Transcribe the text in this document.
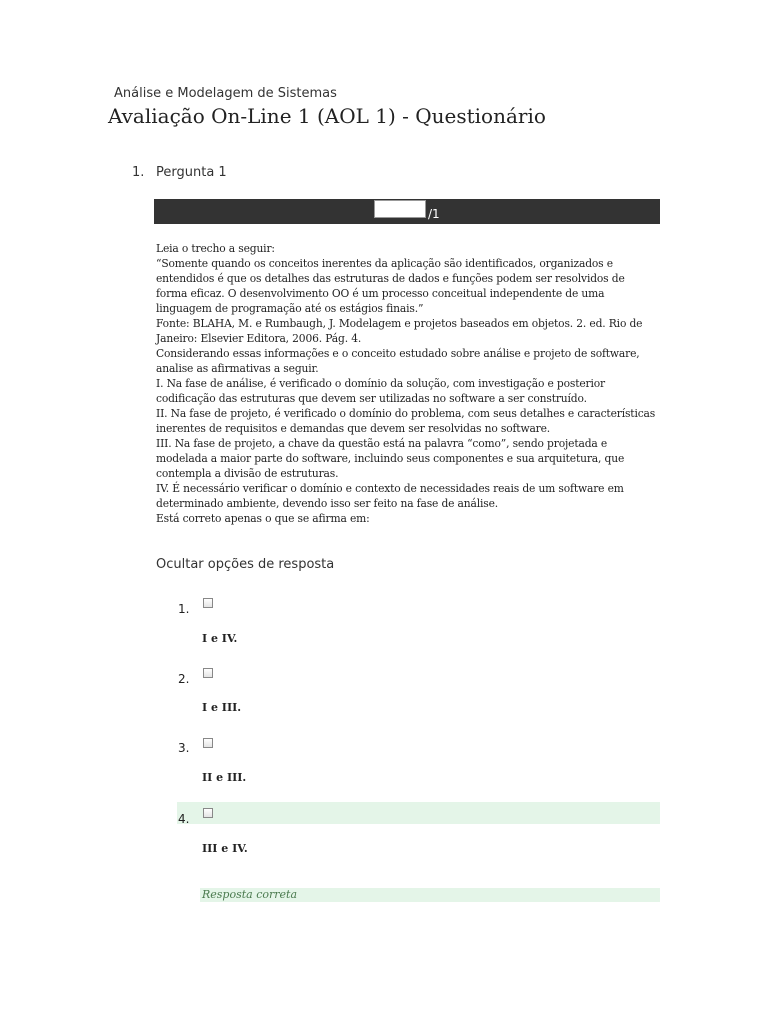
Análise e Modelagem de Sistemas
Avaliação On-Line 1 (AOL 1) - Questionário
1. Pergunta 1
/1

Leia o trecho a seguir:

“Somente quando os conceitos inerentes da aplicação são identificados, organizados e entendidos é que os detalhes das estruturas de dados e funções podem ser resolvidos de forma eficaz. O desenvolvimento OO é um processo conceitual independente de uma linguagem de programação até os estágios finais.”

Fonte: BLAHA, M. e Rumbaugh, J. Modelagem e projetos baseados em objetos. 2. ed. Rio de Janeiro: Elsevier Editora, 2006. Pág. 4.

Considerando essas informações e o conceito estudado sobre análise e projeto de software, analise as afirmativas a seguir.

I. Na fase de análise, é verificado o domínio da solução, com investigação e posterior codificação das estruturas que devem ser utilizadas no software a ser construído.

II. Na fase de projeto, é verificado o domínio do problema, com seus detalhes e características inerentes de requisitos e demandas que devem ser resolvidas no software.

III. Na fase de projeto, a chave da questão está na palavra “como”, sendo projetada e modelada a maior parte do software, incluindo seus componentes e sua arquitetura, que contempla a divisão de estruturas.

IV. É necessário verificar o domínio e contexto de necessidades reais de um software em determinado ambiente, devendo isso ser feito na fase de análise.

Está correto apenas o que se afirma em:

Ocultar opções de resposta
1.
I e IV.
2.
I e III.
3.
II e III.
4.
III e IV.
Resposta correta
